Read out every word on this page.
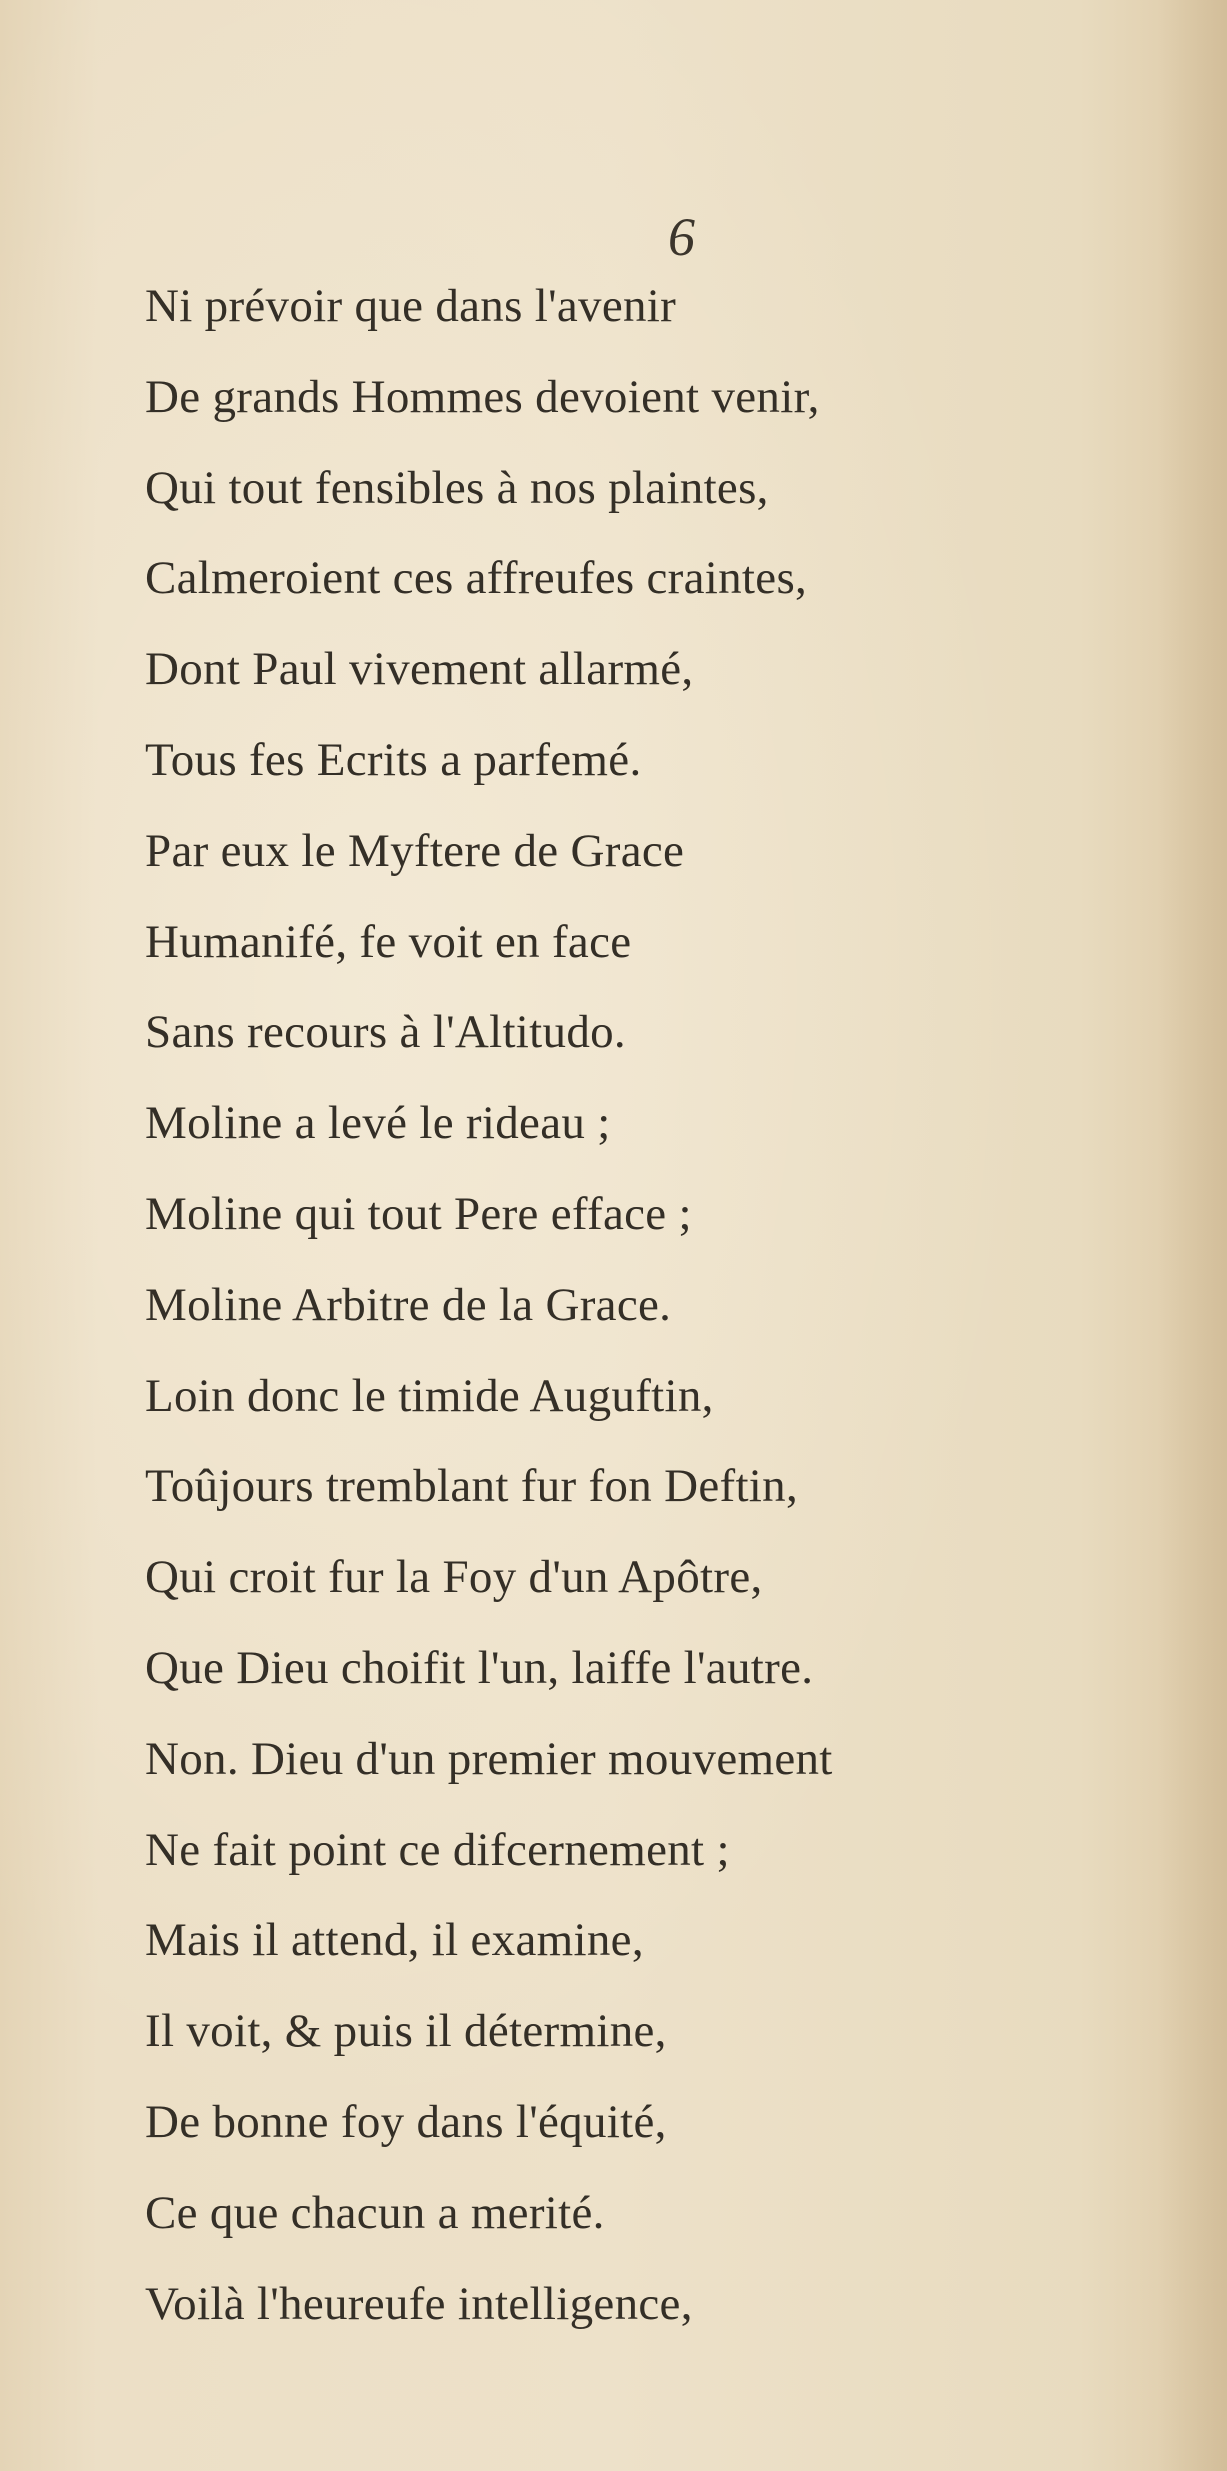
6

Ni prévoir que dans l'avenir
De grands Hommes devoient venir,
Qui tout fensibles à nos plaintes,
Calmeroient ces affreufes craintes,
Dont Paul vivement allarmé,
Tous fes Ecrits a parfemé.
Par eux le Myftere de Grace
Humanifé, fe voit en face
Sans recours à l'Altitudo.
Moline a levé le rideau ;
Moline qui tout Pere efface ;
Moline Arbitre de la Grace.
Loin donc le timide Auguftin,
Toûjours tremblant fur fon Deftin,
Qui croit fur la Foy d'un Apôtre,
Que Dieu choifit l'un, laiffe l'autre.
Non. Dieu d'un premier mouvement
Ne fait point ce difcernement ;
Mais il attend, il examine,
Il voit, & puis il détermine,
De bonne foy dans l'équité,
Ce que chacun a merité.
Voilà l'heureufe intelligence,
